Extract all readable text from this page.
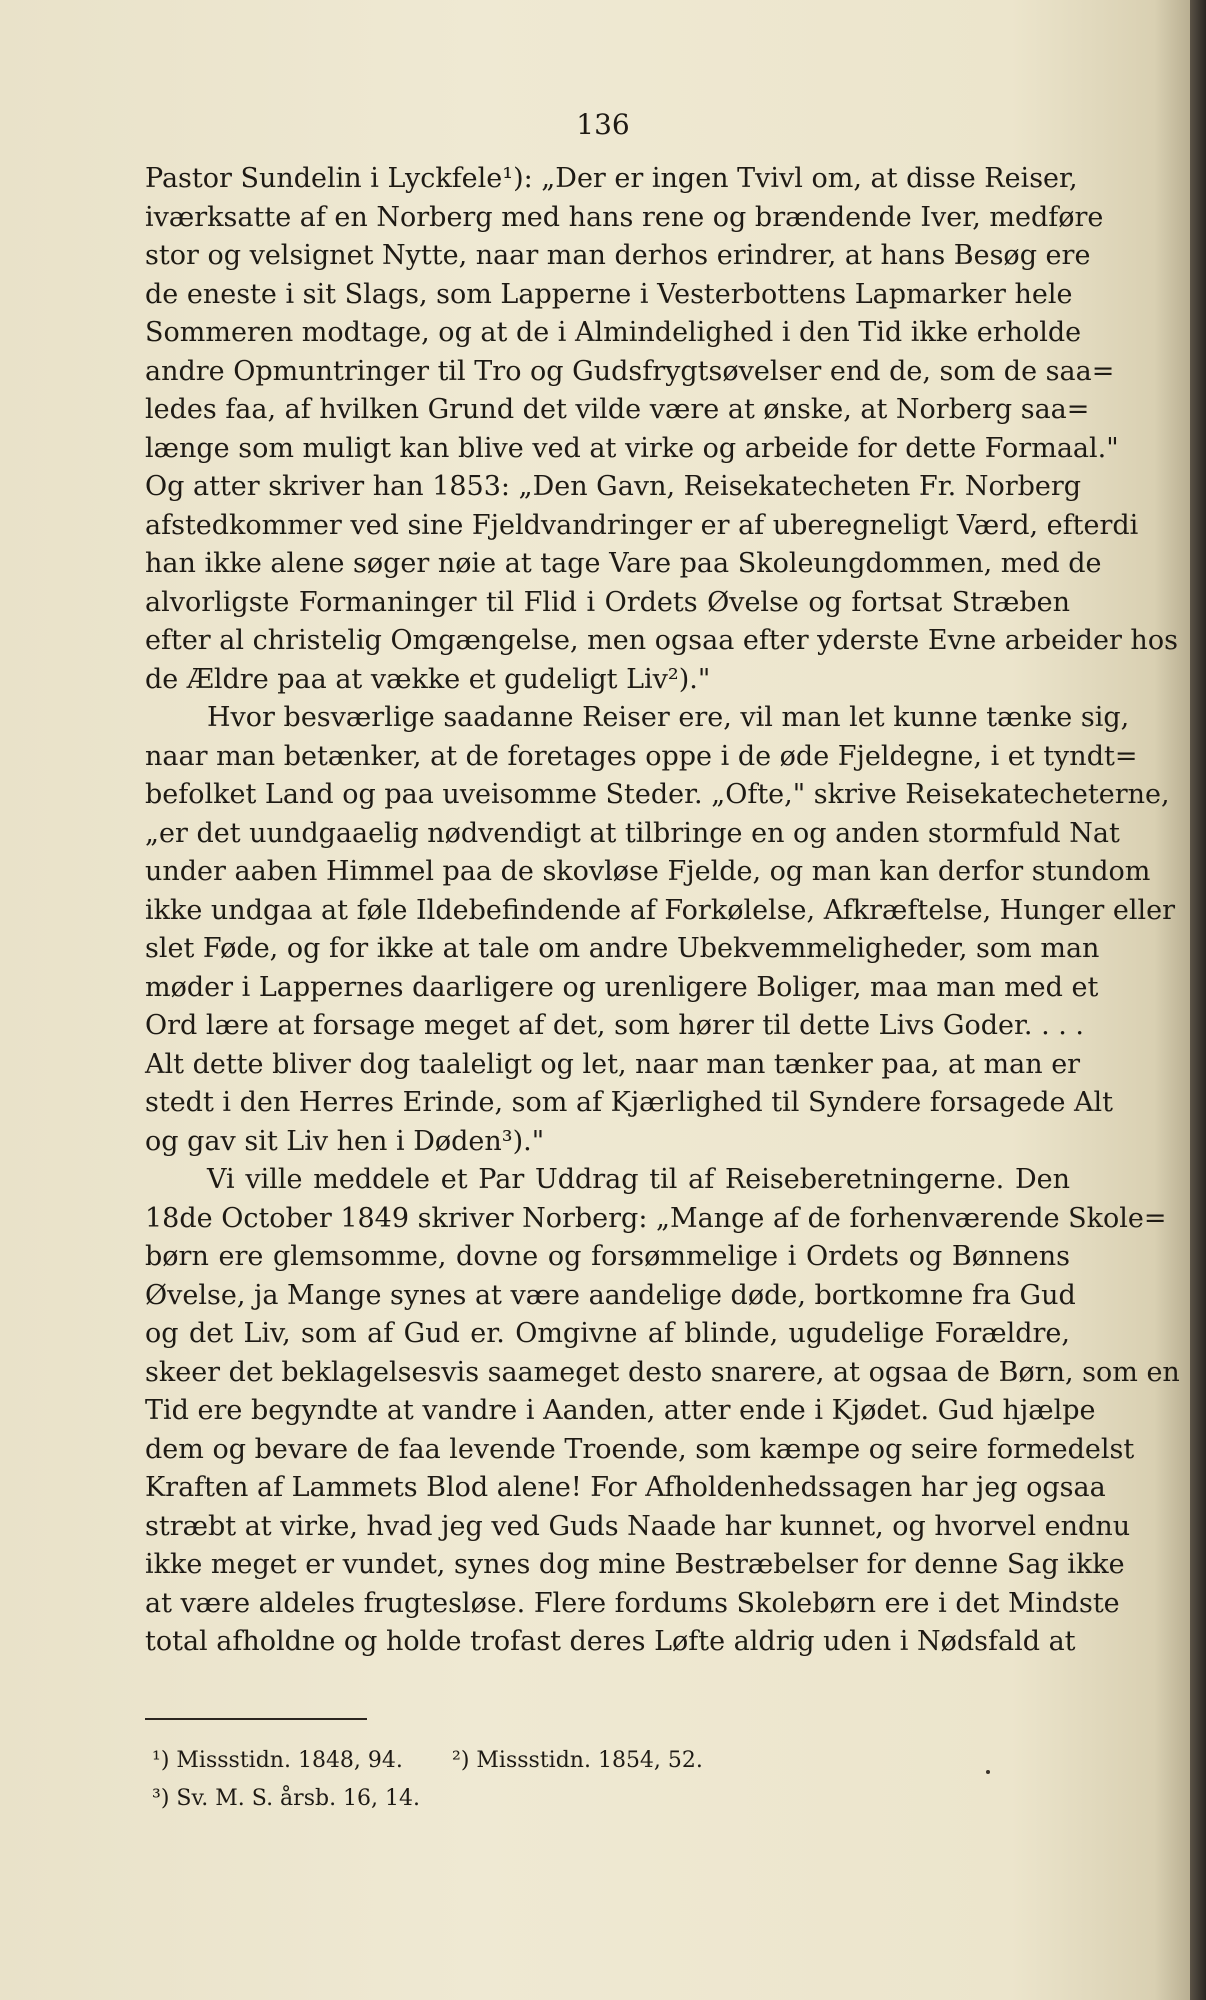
136
Pastor Sundelin i Lyckfele¹): „Der er ingen Tvivl om, at disse Reiser,
iværksatte af en Norberg med hans rene og brændende Iver, medføre
stor og velsignet Nytte, naar man derhos erindrer, at hans Besøg ere
de eneste i sit Slags, som Lapperne i Vesterbottens Lapmarker hele
Sommeren modtage, og at de i Almindelighed i den Tid ikke erholde
andre Opmuntringer til Tro og Gudsfrygtsøvelser end de, som de saa=
ledes faa, af hvilken Grund det vilde være at ønske, at Norberg saa=
længe som muligt kan blive ved at virke og arbeide for dette Formaal."
Og atter skriver han 1853: „Den Gavn, Reisekatecheten Fr. Norberg
afstedkommer ved sine Fjeldvandringer er af uberegneligt Værd, efterdi
han ikke alene søger nøie at tage Vare paa Skoleungdommen, med de
alvorligste Formaninger til Flid i Ordets Øvelse og fortsat Stræben
efter al christelig Omgængelse, men ogsaa efter yderste Evne arbeider hos
de Ældre paa at vække et gudeligt Liv²)."
Hvor besværlige saadanne Reiser ere, vil man let kunne tænke sig,
naar man betænker, at de foretages oppe i de øde Fjeldegne, i et tyndt=
befolket Land og paa uveisomme Steder. „Ofte," skrive Reisekatecheterne,
„er det uundgaaelig nødvendigt at tilbringe en og anden stormfuld Nat
under aaben Himmel paa de skovløse Fjelde, og man kan derfor stundom
ikke undgaa at føle Ildebefindende af Forkølelse, Afkræftelse, Hunger eller
slet Føde, og for ikke at tale om andre Ubekvemmeligheder, som man
møder i Lappernes daarligere og urenligere Boliger, maa man med et
Ord lære at forsage meget af det, som hører til dette Livs Goder. . . .
Alt dette bliver dog taaleligt og let, naar man tænker paa, at man er
stedt i den Herres Erinde, som af Kjærlighed til Syndere forsagede Alt
og gav sit Liv hen i Døden³)."
Vi ville meddele et Par Uddrag til af Reiseberetningerne. Den
18de October 1849 skriver Norberg: „Mange af de forhenværende Skole=
børn ere glemsomme, dovne og forsømmelige i Ordets og Bønnens
Øvelse, ja Mange synes at være aandelige døde, bortkomne fra Gud
og det Liv, som af Gud er. Omgivne af blinde, ugudelige Forældre,
skeer det beklagelsesvis saameget desto snarere, at ogsaa de Børn, som en
Tid ere begyndte at vandre i Aanden, atter ende i Kjødet. Gud hjælpe
dem og bevare de faa levende Troende, som kæmpe og seire formedelst
Kraften af Lammets Blod alene! For Afholdenhedssagen har jeg ogsaa
stræbt at virke, hvad jeg ved Guds Naade har kunnet, og hvorvel endnu
ikke meget er vundet, synes dog mine Bestræbelser for denne Sag ikke
at være aldeles frugtesløse. Flere fordums Skolebørn ere i det Mindste
total afholdne og holde trofast deres Løfte aldrig uden i Nødsfald at
¹) Missstidn. 1848, 94. ²) Missstidn. 1854, 52.
³) Sv. M. S. årsb. 16, 14.
